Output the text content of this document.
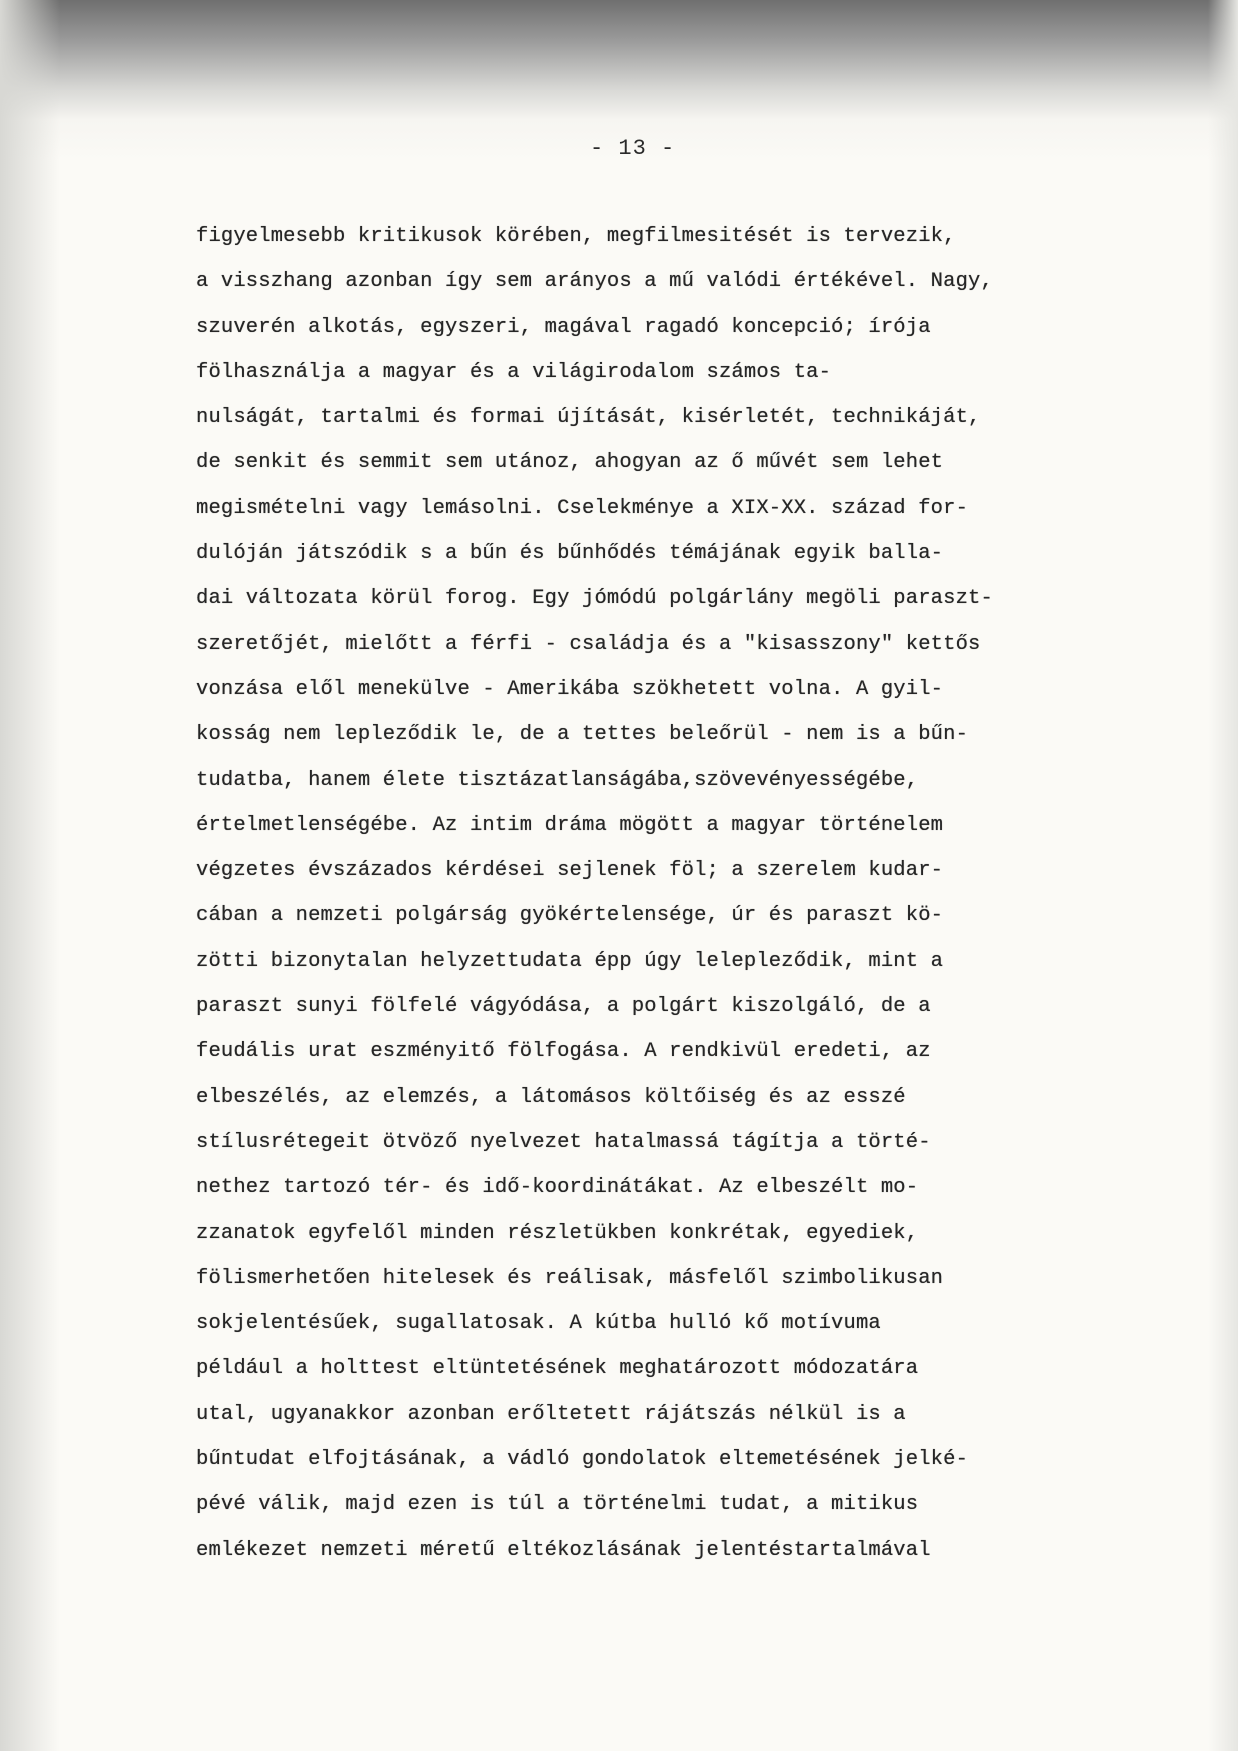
- 13 -
figyelmesebb kritikusok körében, megfilmesitését is tervezik,
a visszhang azonban így sem arányos a mű valódi értékével. Nagy,
szuverén alkotás, egyszeri, magával ragadó koncepció; írója
fölhasználja a magyar és a világirodalom számos ta-
nulságát, tartalmi és formai újítását, kisérletét, technikáját,
de senkit és semmit sem utánoz, ahogyan az ő művét sem lehet
megismételni vagy lemásolni. Cselekménye a XIX-XX. század for-
dulóján játszódik s a bűn és bűnhődés témájának egyik balla-
dai változata körül forog. Egy jómódú polgárlány megöli paraszt-
szeretőjét, mielőtt a férfi - családja és a "kisasszony" kettős
vonzása elől menekülve - Amerikába szökhetett volna. A gyil-
kosság nem lepleződik le, de a tettes beleőrül - nem is a bűn-
tudatba, hanem élete tisztázatlanságába,szövevényességébe,
értelmetlenségébe. Az intim dráma mögött a magyar történelem
végzetes évszázados kérdései sejlenek föl; a szerelem kudar-
cában a nemzeti polgárság gyökértelensége, úr és paraszt kö-
zötti bizonytalan helyzettudata épp úgy lelepleződik, mint a
paraszt sunyi fölfelé vágyódása, a polgárt kiszolgáló, de a
feudális urat eszményitő fölfogása. A rendkivül eredeti, az
elbeszélés, az elemzés, a látomásos költőiség és az esszé
stílusrétegeit ötvöző nyelvezet hatalmassá tágítja a törté-
nethez tartozó tér- és idő-koordinátákat. Az elbeszélt mo-
zzanatok egyfelől minden részletükben konkrétak, egyediek,
fölismerhetően hitelesek és reálisak, másfelől szimbolikusan
sokjelentésűek, sugallatosak. A kútba hulló kő motívuma
például a holttest eltüntetésének meghatározott módozatára
utal, ugyanakkor azonban erőltetett rájátszás nélkül is a
bűntudat elfojtásának, a vádló gondolatok eltemetésének jelké-
pévé válik, majd ezen is túl a történelmi tudat, a mitikus
emlékezet nemzeti méretű eltékozlásának jelentéstartalmával
